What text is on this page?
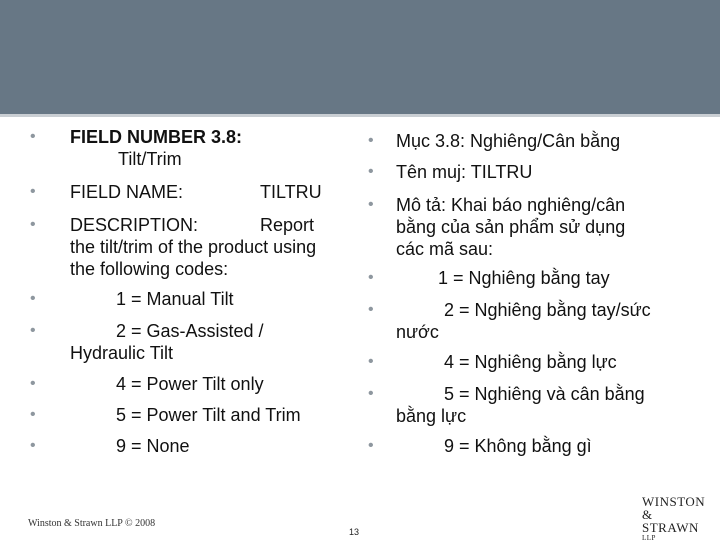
• FIELD NUMBER 3.8:
Tilt/Trim
• FIELD NAME:	TILTRU
• DESCRIPTION:	Report
the tilt/trim of the product using
the following codes:
•	1 = Manual Tilt
•	2 = Gas-Assisted /
Hydraulic Tilt
•	4 = Power Tilt only
•	5 = Power Tilt and Trim
•	9 = None
• Mục 3.8: Nghiêng/Cân bằng
• Tên muj: TILTRU
• Mô tả: Khai báo nghiêng/cân
bằng của sản phẩm sử dụng
các mã sau:
•	1 = Nghiêng bằng tay
•	2 = Nghiêng bằng tay/sức
nước
•	4 = Nghiêng bằng lực
•	5 = Nghiêng và cân bằng
bằng lực
•	9 = Không bằng gì
Winston & Strawn LLP © 2008
13
WINSTON
& STRAWN
LLP
